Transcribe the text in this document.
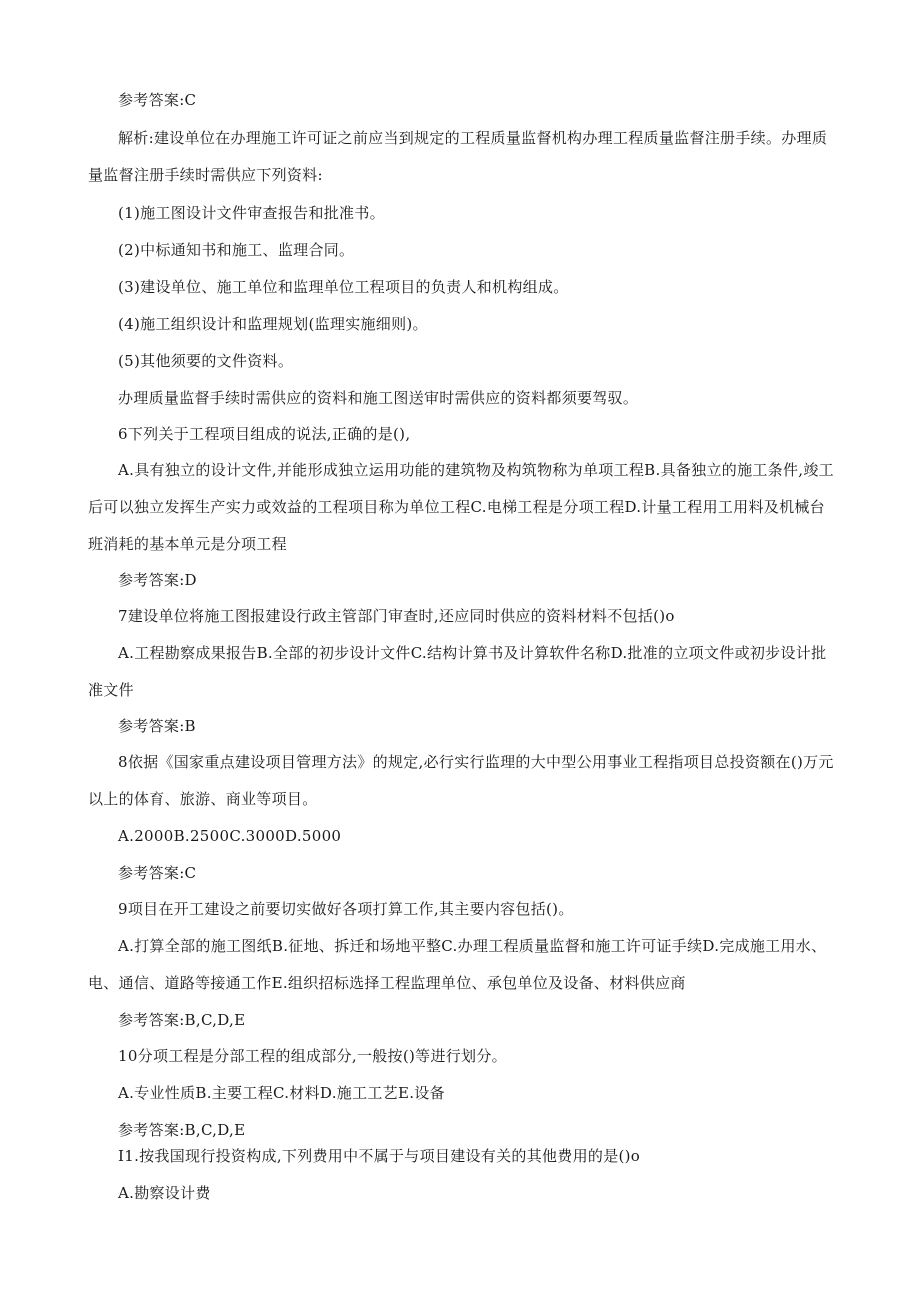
参考答案:C

解析:建设单位在办理施工许可证之前应当到规定的工程质量监督机构办理工程质量监督注册手续。办理质量监督注册手续时需供应下列资料:

(1)施工图设计文件审查报告和批准书。

(2)中标通知书和施工、监理合同。

(3)建设单位、施工单位和监理单位工程项目的负责人和机构组成。

(4)施工组织设计和监理规划(监理实施细则)。

(5)其他须要的文件资料。

办理质量监督手续时需供应的资料和施工图送审时需供应的资料都须要驾驭。

6下列关于工程项目组成的说法,正确的是(),

A.具有独立的设计文件,并能形成独立运用功能的建筑物及构筑物称为单项工程B.具备独立的施工条件,竣工后可以独立发挥生产实力或效益的工程项目称为单位工程C.电梯工程是分项工程D.计量工程用工用料及机械台班消耗的基本单元是分项工程

参考答案:D

7建设单位将施工图报建设行政主管部门审查时,还应同时供应的资料材料不包括()o

A.工程勘察成果报告B.全部的初步设计文件C.结构计算书及计算软件名称D.批准的立项文件或初步设计批准文件

参考答案:B

8依据《国家重点建设项目管理方法》的规定,必行实行监理的大中型公用事业工程指项目总投资额在()万元以上的体育、旅游、商业等项目。

A.2000B.2500C.3000D.5000

参考答案:C

9项目在开工建设之前要切实做好各项打算工作,其主要内容包括()。

A.打算全部的施工图纸B.征地、拆迁和场地平整C.办理工程质量监督和施工许可证手续D.完成施工用水、电、通信、道路等接通工作E.组织招标选择工程监理单位、承包单位及设备、材料供应商

参考答案:B,C,D,E

10分项工程是分部工程的组成部分,一般按()等进行划分。

A.专业性质B.主要工程C.材料D.施工工艺E.设备

参考答案:B,C,D,E

I1.按我国现行投资构成,下列费用中不属于与项目建设有关的其他费用的是()o

A.勘察设计费
